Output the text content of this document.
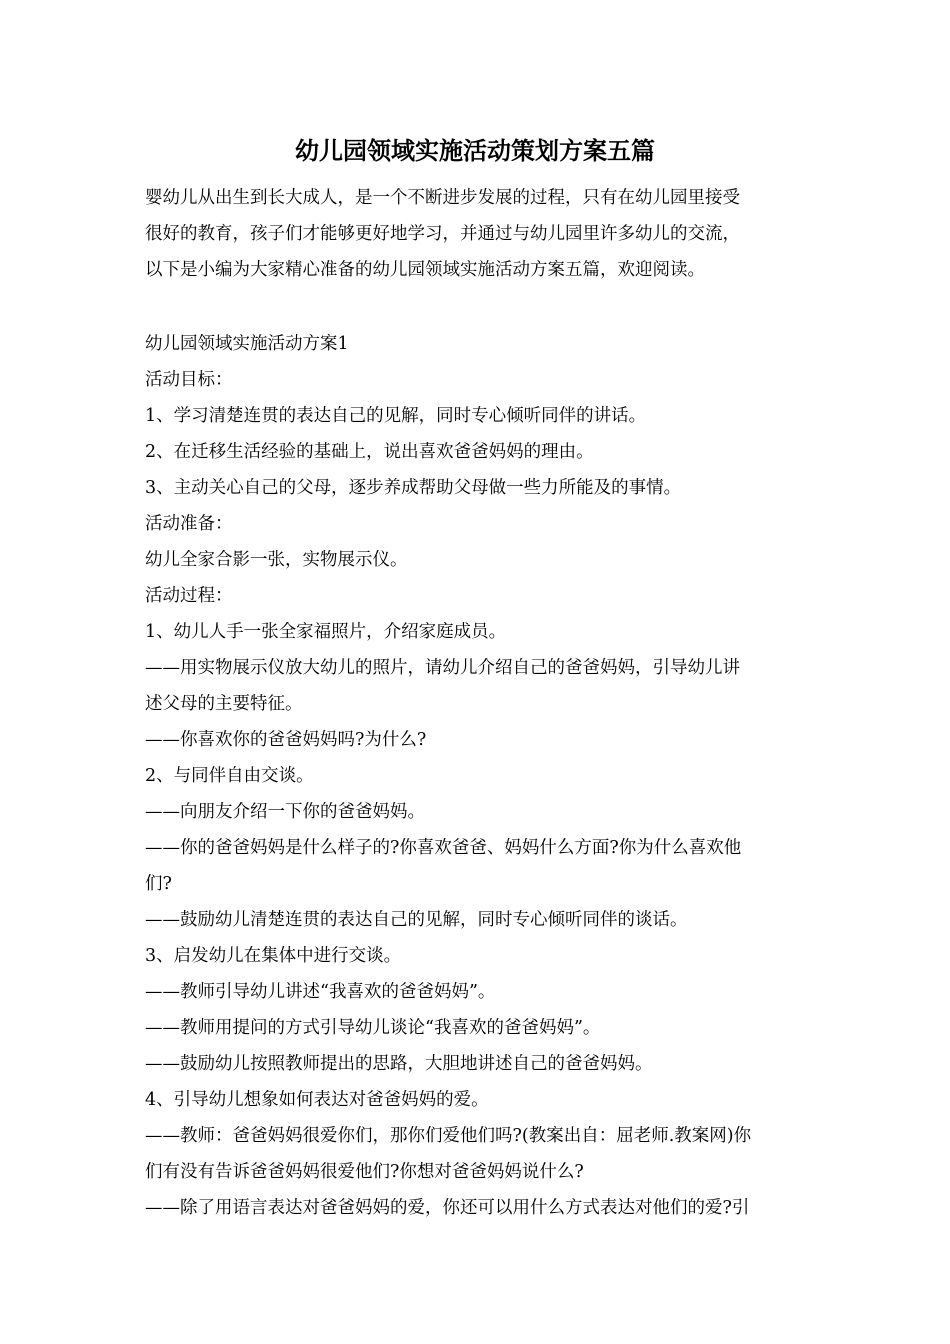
幼儿园领域实施活动策划方案五篇
婴幼儿从出生到长大成人，是一个不断进步发展的过程，只有在幼儿园里接受
很好的教育，孩子们才能够更好地学习，并通过与幼儿园里许多幼儿的交流，
以下是小编为大家精心准备的幼儿园领域实施活动方案五篇，欢迎阅读。
幼儿园领域实施活动方案1
活动目标：
1、学习清楚连贯的表达自己的见解，同时专心倾听同伴的讲话。
2、在迁移生活经验的基础上，说出喜欢爸爸妈妈的理由。
3、主动关心自己的父母，逐步养成帮助父母做一些力所能及的事情。
活动准备：
幼儿全家合影一张，实物展示仪。
活动过程：
1、幼儿人手一张全家福照片，介绍家庭成员。
——用实物展示仪放大幼儿的照片，请幼儿介绍自己的爸爸妈妈，引导幼儿讲
述父母的主要特征。
——你喜欢你的爸爸妈妈吗?为什么?
2、与同伴自由交谈。
——向朋友介绍一下你的爸爸妈妈。
——你的爸爸妈妈是什么样子的?你喜欢爸爸、妈妈什么方面?你为什么喜欢他
们?
——鼓励幼儿清楚连贯的表达自己的见解，同时专心倾听同伴的谈话。
3、启发幼儿在集体中进行交谈。
——教师引导幼儿讲述“我喜欢的爸爸妈妈”。
——教师用提问的方式引导幼儿谈论“我喜欢的爸爸妈妈”。
——鼓励幼儿按照教师提出的思路，大胆地讲述自己的爸爸妈妈。
4、引导幼儿想象如何表达对爸爸妈妈的爱。
——教师：爸爸妈妈很爱你们，那你们爱他们吗?(教案出自：屈老师.教案网)你
们有没有告诉爸爸妈妈很爱他们?你想对爸爸妈妈说什么?
——除了用语言表达对爸爸妈妈的爱，你还可以用什么方式表达对他们的爱?引
